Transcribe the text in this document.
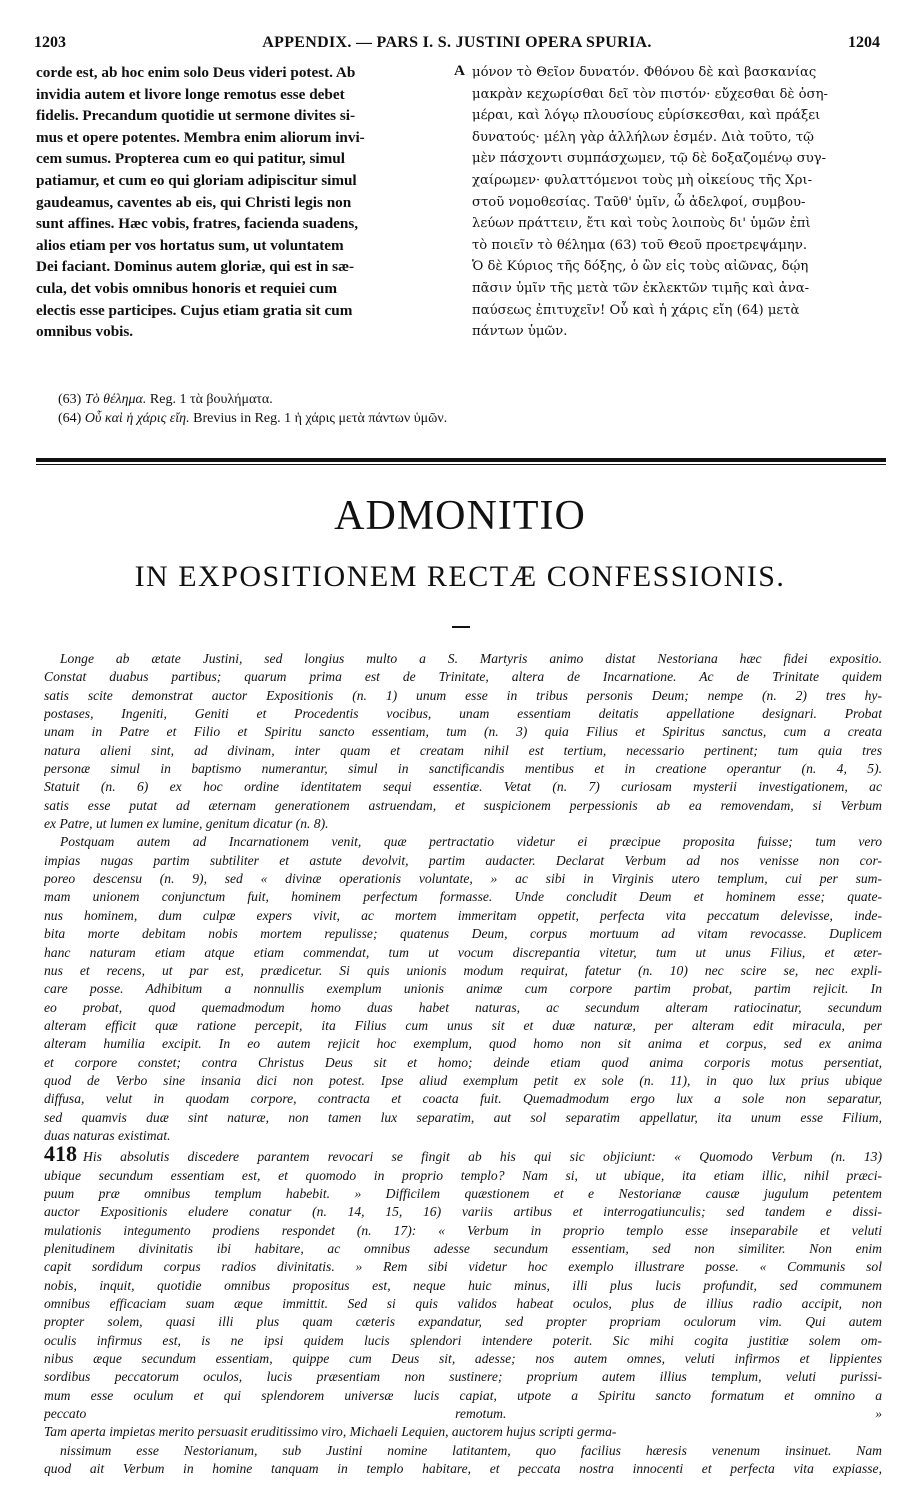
1203	APPENDIX. — PARS I. S. JUSTINI OPERA SPURIA.	1204
corde est, ab hoc enim solo Deus videri potest. Ab
invidia autem et livore longe remotus esse debet
fidelis. Precandum quotidie ut sermone divites si-
mus et opere potentes. Membra enim aliorum invi-
cem sumus. Propterea cum eo qui patitur, simul
patiamur, et cum eo qui gloriam adipiscitur simul
gaudeamus, caventes ab eis, qui Christi legis non
sunt affines. Hæc vobis, fratres, facienda suadens,
alios etiam per vos hortatus sum, ut voluntatem
Dei faciant. Dominus autem gloriæ, qui est in sæ-
cula, det vobis omnibus honoris et requiei cum
electis esse participes. Cujus etiam gratia sit cum
omnibus vobis.
A μόνον τὸ Θεῖον δυνατόν. Φθόνου δὲ καὶ βασκανίας
μακρὰν κεχωρίσθαι δεῖ τὸν πιστόν· εὔχεσθαι δὲ ὁση-
μέραι, καὶ λόγῳ πλουσίους εὑρίσκεσθαι, καὶ πράξει
δυνατούς· μέλη γὰρ ἀλλήλων ἐσμέν. Διὰ τοῦτο, τῷ
μὲν πάσχοντι συμπάσχωμεν, τῷ δὲ δοξαζομένῳ συγ-
χαίρωμεν· φυλαττόμενοι τοὺς μὴ οἰκείους τῆς Χρι-
στοῦ νομοθεσίας. Ταῦθ' ὑμῖν, ὦ ἀδελφοί, συμβου-
λεύων πράττειν, ἔτι καὶ τοὺς λοιποὺς δι' ὑμῶν ἐπὶ
τὸ ποιεῖν τὸ θέλημα (63) τοῦ Θεοῦ προετρεψάμην.
Ὁ δὲ Κύριος τῆς δόξης, ὁ ὢν εἰς τοὺς αἰῶνας, δῴη
πᾶσιν ὑμῖν τῆς μετὰ τῶν ἐκλεκτῶν τιμῆς καὶ ἀνα-
παύσεως ἐπιτυχεῖν! Οὗ καὶ ἡ χάρις εἴη (64) μετὰ
πάντων ὑμῶν.
(63) Τὸ θέλημα. Reg. 1 τὰ βουλήματα.
(64) Οὗ καὶ ἡ χάρις εἴη. Brevius in Reg. 1 ἡ χάρις μετὰ πάντων ὑμῶν.
ADMONITIO
IN EXPOSITIONEM RECTÆ CONFESSIONIS.
Longe ab ætate Justini, sed longius multo a S. Martyris animo distat Nestoriana hæc fidei expositio.
Constat duabus partibus; quarum prima est de Trinitate, altera de Incarnatione. Ac de Trinitate quidem
satis scite demonstrat auctor Expositionis (n. 1) unum esse in tribus personis Deum; nempe (n. 2) tres hy-
postases, Ingeniti, Geniti et Procedentis vocibus, unam essentiam deitatis appellatione designari. Probat
unam in Patre et Filio et Spiritu sancto essentiam, tum (n. 3) quia Filius et Spiritus sanctus, cum a creata
natura alieni sint, ad divinam, inter quam et creatam nihil est tertium, necessario pertinent; tum quia tres
personæ simul in baptismo numerantur, simul in sanctificandis mentibus et in creatione operantur (n. 4, 5).
Statuit (n. 6) ex hoc ordine identitatem sequi essentiæ. Vetat (n. 7) curiosam mysterii investigationem, ac
satis esse putat ad æternam generationem astruendam, et suspicionem perpessionis ab ea removendam, si Verbum
ex Patre, ut lumen ex lumine, genitum dicatur (n. 8).
Postquam autem ad Incarnationem venit, quæ pertractatio videtur ei præcipue proposita fuisse; tum vero
impias nugas partim subtiliter et astute devolvit, partim audacter. Declarat Verbum ad nos venisse non cor-
poreo descensu (n. 9), sed « divinæ operationis voluntate, » ac sibi in Virginis utero templum, cui per sum-
mam unionem conjunctum fuit, hominem perfectum formasse. Unde concludit Deum et hominem esse; quate-
nus hominem, dum culpæ expers vivit, ac mortem immeritam oppetit, perfecta vita peccatum delevisse, inde-
bita morte debitam nobis mortem repulisse; quatenus Deum, corpus mortuum ad vitam revocasse. Duplicem
hanc naturam etiam atque etiam commendat, tum ut vocum discrepantia vitetur, tum ut unus Filius, et æter-
nus et recens, ut par est, prædicetur. Si quis unionis modum requirat, fatetur (n. 10) nec scire se, nec expli-
care posse. Adhibitum a nonnullis exemplum unionis animæ cum corpore partim probat, partim rejicit. In
eo probat, quod quemadmodum homo duas habet naturas, ac secundum alteram ratiocinatur, secundum
alteram efficit quæ ratione percepit, ita Filius cum unus sit et duæ naturæ, per alteram edit miracula, per
alteram humilia excipit. In eo autem rejicit hoc exemplum, quod homo non sit anima et corpus, sed ex anima
et corpore constet; contra Christus Deus sit et homo; deinde etiam quod anima corporis motus persentiat,
quod de Verbo sine insania dici non potest. Ipse aliud exemplum petit ex sole (n. 11), in quo lux prius ubique
diffusa, velut in quodam corpore, contracta et coacta fuit. Quemadmodum ergo lux a sole non separatur,
sed quamvis duæ sint naturæ, non tamen lux separatim, aut sol separatim appellatur, ita unum esse Filium,
duas naturas existimat.
418 His absolutis discedere parantem revocari se fingit ab his qui sic objiciunt: « Quomodo Verbum (n. 13)
ubique secundum essentiam est, et quomodo in proprio templo? Nam si, ut ubique, ita etiam illic, nihil præci-
puum præ omnibus templum habebit. » Difficilem quæstionem et e Nestorianæ causæ jugulum petentem
auctor Expositionis eludere conatur (n. 14, 15, 16) variis artibus et interrogatiunculis; sed tandem e dissi-
mulationis integumento prodiens respondet (n. 17): « Verbum in proprio templo esse inseparabile et veluti
plenitudinem divinitatis ibi habitare, ac omnibus adesse secundum essentiam, sed non similiter. Non enim
capit sordidum corpus radios divinitatis. » Rem sibi videtur hoc exemplo illustrare posse. « Communis sol
nobis, inquit, quotidie omnibus propositus est, neque huic minus, illi plus lucis profundit, sed communem
omnibus efficaciam suam æque immittit. Sed si quis validos habeat oculos, plus de illius radio accipit, non
propter solem, quasi illi plus quam cæteris expandatur, sed propter propriam oculorum vim. Qui autem
oculis infirmus est, is ne ipsi quidem lucis splendori intendere poterit. Sic mihi cogita justitiæ solem om-
nibus æque secundum essentiam, quippe cum Deus sit, adesse; nos autem omnes, veluti infirmos et lippientes
sordibus peccatorum oculos, lucis præsentiam non sustinere; proprium autem illius templum, veluti purissi-
mum esse oculum et qui splendorem universæ lucis capiat, utpote a Spiritu sancto formatum et omnino a
peccato remotum. »
Tam aperta impietas merito persuasit eruditissimo viro, Michaeli Lequien, auctorem hujus scripti germa-
nissimum esse Nestorianum, sub Justini nomine latitantem, quo facilius hæresis venenum insinuet. Nam
quod ait Verbum in homine tanquam in templo habitare, et peccata nostra innocenti et perfecta vita expiasse,
